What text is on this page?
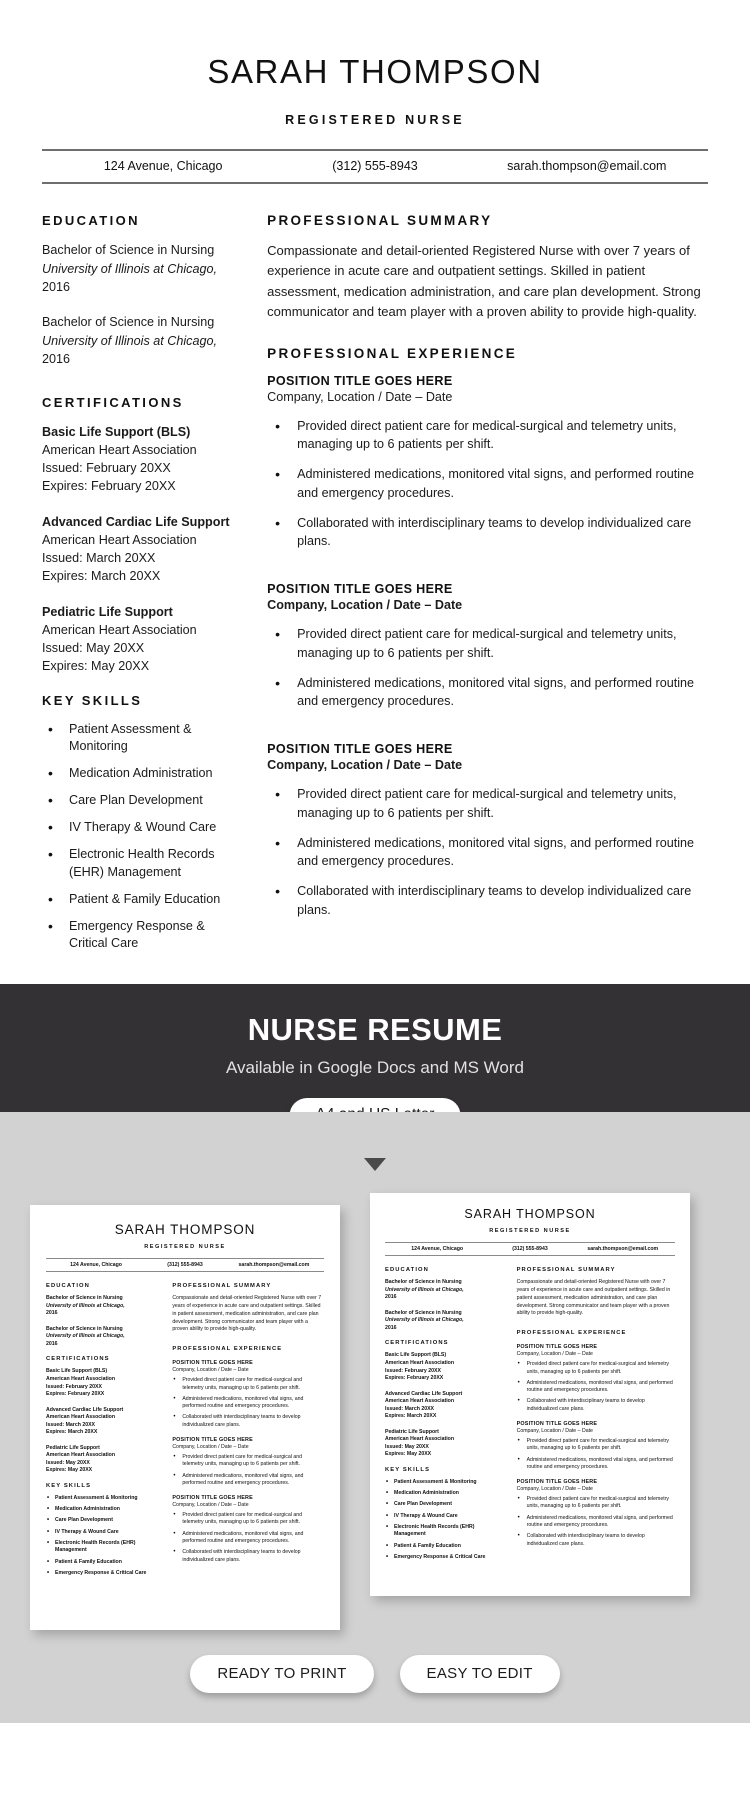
SARAH THOMPSON
REGISTERED NURSE
124 Avenue, Chicago	(312) 555-8943	sarah.thompson@email.com
EDUCATION
Bachelor of Science in Nursing
University of Illinois at Chicago,
2016
Bachelor of Science in Nursing
University of Illinois at Chicago,
2016
CERTIFICATIONS
Basic Life Support (BLS)
American Heart Association
Issued: February 20XX
Expires: February 20XX
Advanced Cardiac Life Support
American Heart Association
Issued: March 20XX
Expires: March 20XX
Pediatric Life Support
American Heart Association
Issued: May 20XX
Expires: May 20XX
KEY SKILLS
• Patient Assessment & Monitoring
• Medication Administration
• Care Plan Development
• IV Therapy & Wound Care
• Electronic Health Records (EHR) Management
• Patient & Family Education
• Emergency Response & Critical Care
PROFESSIONAL SUMMARY
Compassionate and detail-oriented Registered Nurse with over 7 years of experience in acute care and outpatient settings. Skilled in patient assessment, medication administration, and care plan development. Strong communicator and team player with a proven ability to provide high-quality.
PROFESSIONAL EXPERIENCE
POSITION TITLE GOES HERE
Company, Location / Date – Date
• Provided direct patient care for medical-surgical and telemetry units, managing up to 6 patients per shift.
• Administered medications, monitored vital signs, and performed routine and emergency procedures.
• Collaborated with interdisciplinary teams to develop individualized care plans.
POSITION TITLE GOES HERE
Company, Location / Date – Date
• Provided direct patient care for medical-surgical and telemetry units, managing up to 6 patients per shift.
• Administered medications, monitored vital signs, and performed routine and emergency procedures.
POSITION TITLE GOES HERE
Company, Location / Date – Date
• Provided direct patient care for medical-surgical and telemetry units, managing up to 6 patients per shift.
• Administered medications, monitored vital signs, and performed routine and emergency procedures.
• Collaborated with interdisciplinary teams to develop individualized care plans.
NURSE RESUME
Available in Google Docs and MS Word
SARAH THOMPSON
REGISTERED NURSE
124 Avenue, Chicago	(312) 555-8943	sarah.thompson@email.com
EDUCATION
Bachelor of Science in Nursing
University of Illinois at Chicago,
2016
Bachelor of Science in Nursing
University of Illinois at Chicago,
2016
CERTIFICATIONS
Basic Life Support (BLS)
American Heart Association
Issued: February 20XX
Expires: February 20XX
Advanced Cardiac Life Support
American Heart Association
Issued: March 20XX
Expires: March 20XX
Pediatric Life Support
American Heart Association
Issued: May 20XX
Expires: May 20XX
KEY SKILLS
• Patient Assessment & Monitoring
• Medication Administration
• Care Plan Development
• IV Therapy & Wound Care
• Electronic Health Records (EHR) Management
• Patient & Family Education
• Emergency Response & Critical Care
PROFESSIONAL SUMMARY
Compassionate and detail-oriented Registered Nurse with over 7 years of experience in acute care and outpatient settings. Skilled in patient assessment, medication administration, and care plan development. Strong communicator and team player with a proven ability to provide high-quality.
PROFESSIONAL EXPERIENCE
POSITION TITLE GOES HERE
Company, Location / Date – Date
• Provided direct patient care for medical-surgical and telemetry units, managing up to 6 patients per shift.
• Administered medications, monitored vital signs, and performed routine and emergency procedures.
• Collaborated with interdisciplinary teams to develop individualized care plans.
POSITION TITLE GOES HERE
Company, Location / Date – Date
• Provided direct patient care for medical-surgical and telemetry units, managing up to 6 patients per shift.
• Administered medications, monitored vital signs, and performed routine and emergency procedures.
POSITION TITLE GOES HERE
Company, Location / Date – Date
• Provided direct patient care for medical-surgical and telemetry units, managing up to 6 patients per shift.
• Administered medications, monitored vital signs, and performed routine and emergency procedures.
• Collaborated with interdisciplinary teams to develop individualized care plans.
SARAH THOMPSON
REGISTERED NURSE
124 Avenue, Chicago	(312) 555-8943	sarah.thompson@email.com
EDUCATION
Bachelor of Science in Nursing
University of Illinois at Chicago,
2016
Bachelor of Science in Nursing
University of Illinois at Chicago,
2016
CERTIFICATIONS
Basic Life Support (BLS)
American Heart Association
Issued: February 20XX
Expires: February 20XX
Advanced Cardiac Life Support
American Heart Association
Issued: March 20XX
Expires: March 20XX
Pediatric Life Support
American Heart Association
Issued: May 20XX
Expires: May 20XX
KEY SKILLS
• Patient Assessment & Monitoring
• Medication Administration
• Care Plan Development
• IV Therapy & Wound Care
• Electronic Health Records (EHR) Management
• Patient & Family Education
• Emergency Response & Critical Care
PROFESSIONAL SUMMARY
Compassionate and detail-oriented Registered Nurse with over 7 years of experience in acute care and outpatient settings. Skilled in patient assessment, medication administration, and care plan development. Strong communicator and team player with a proven ability to provide high-quality.
PROFESSIONAL EXPERIENCE
POSITION TITLE GOES HERE
Company, Location / Date – Date
• Provided direct patient care for medical-surgical and telemetry units, managing up to 6 patients per shift.
• Administered medications, monitored vital signs, and performed routine and emergency procedures.
• Collaborated with interdisciplinary teams to develop individualized care plans.
POSITION TITLE GOES HERE
Company, Location / Date – Date
• Provided direct patient care for medical-surgical and telemetry units, managing up to 6 patients per shift.
• Administered medications, monitored vital signs, and performed routine and emergency procedures.
POSITION TITLE GOES HERE
Company, Location / Date – Date
• Provided direct patient care for medical-surgical and telemetry units, managing up to 6 patients per shift.
• Administered medications, monitored vital signs, and performed routine and emergency procedures.
• Collaborated with interdisciplinary teams to develop individualized care plans.
READY TO PRINT	EASY TO EDIT
